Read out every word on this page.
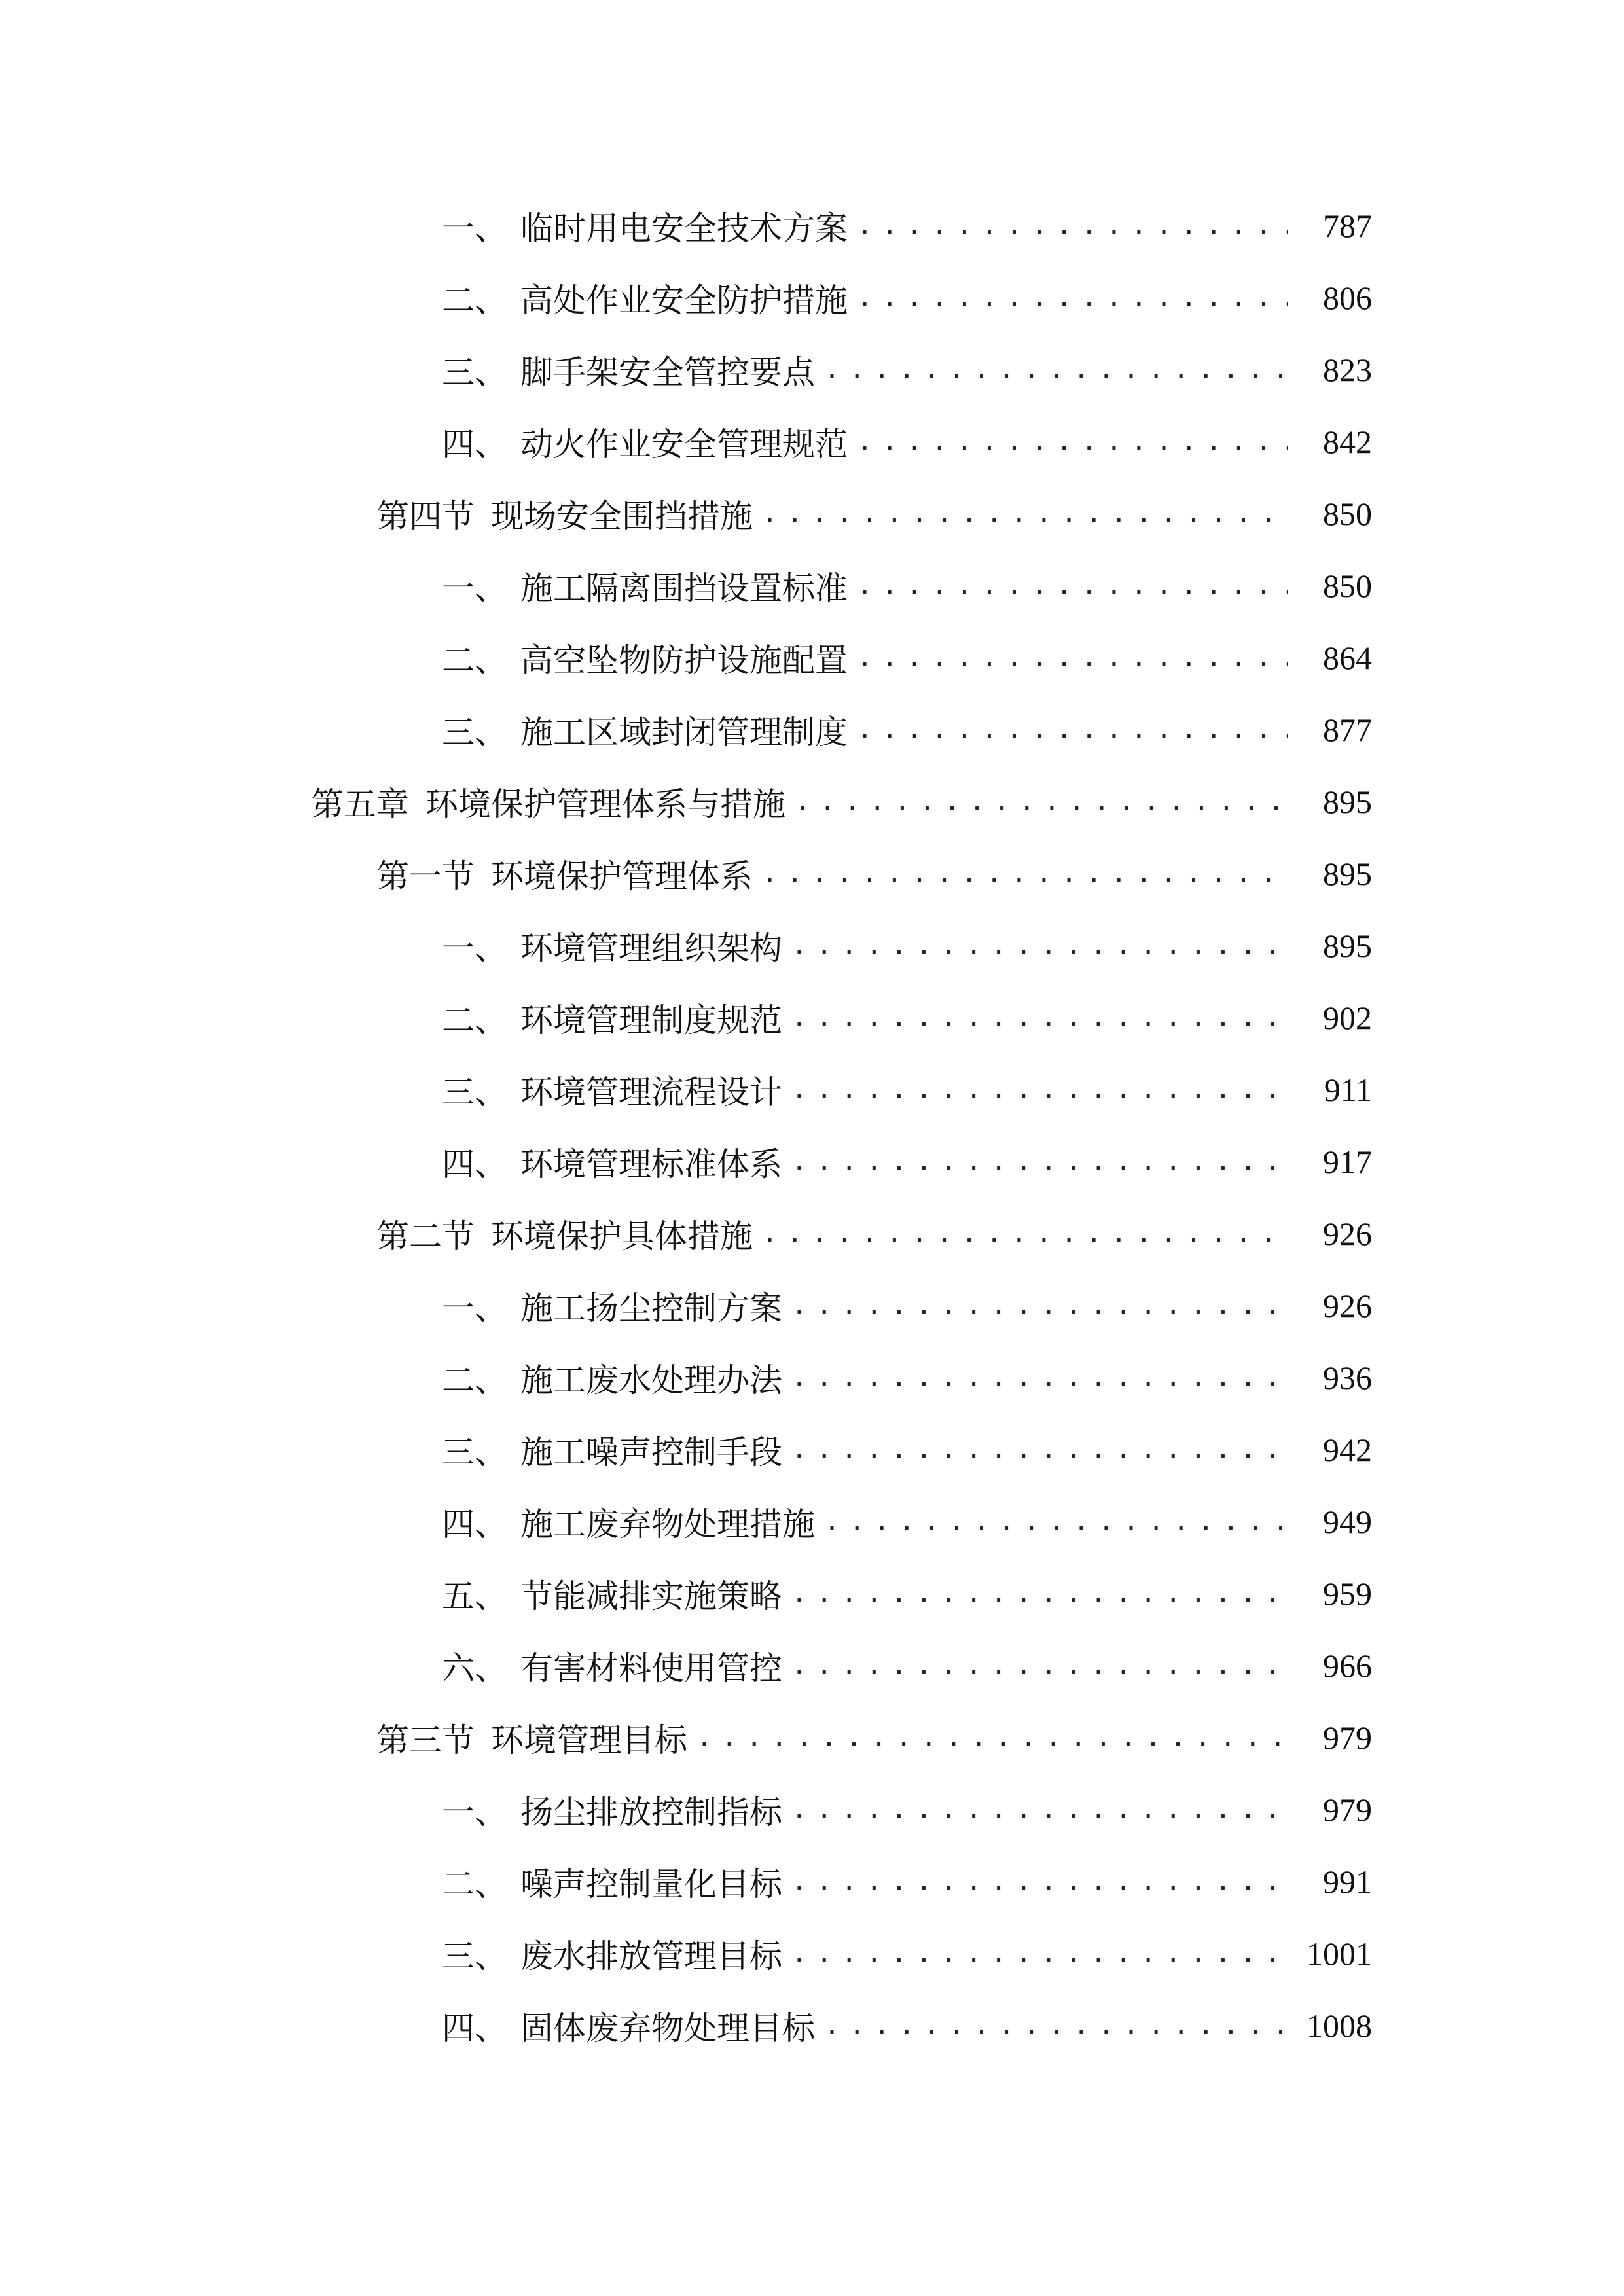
一、 临时用电安全技术方案 .....	787
二、 高处作业安全防护措施 .....	806
三、 脚手架安全管控要点 .....	823
四、 动火作业安全管理规范 .....	842
第四节 现场安全围挡措施 .....	850
一、 施工隔离围挡设置标准 .....	850
二、 高空坠物防护设施配置 .....	864
三、 施工区域封闭管理制度 .....	877
第五章 环境保护管理体系与措施 .....	895
第一节 环境保护管理体系 .....	895
一、 环境管理组织架构 .....	895
二、 环境管理制度规范 .....	902
三、 环境管理流程设计 .....	911
四、 环境管理标准体系 .....	917
第二节 环境保护具体措施 .....	926
一、 施工扬尘控制方案 .....	926
二、 施工废水处理办法 .....	936
三、 施工噪声控制手段 .....	942
四、 施工废弃物处理措施 .....	949
五、 节能减排实施策略 .....	959
六、 有害材料使用管控 .....	966
第三节 环境管理目标 .....	979
一、 扬尘排放控制指标 .....	979
二、 噪声控制量化目标 .....	991
三、 废水排放管理目标 .....	1001
四、 固体废弃物处理目标 .....	1008
